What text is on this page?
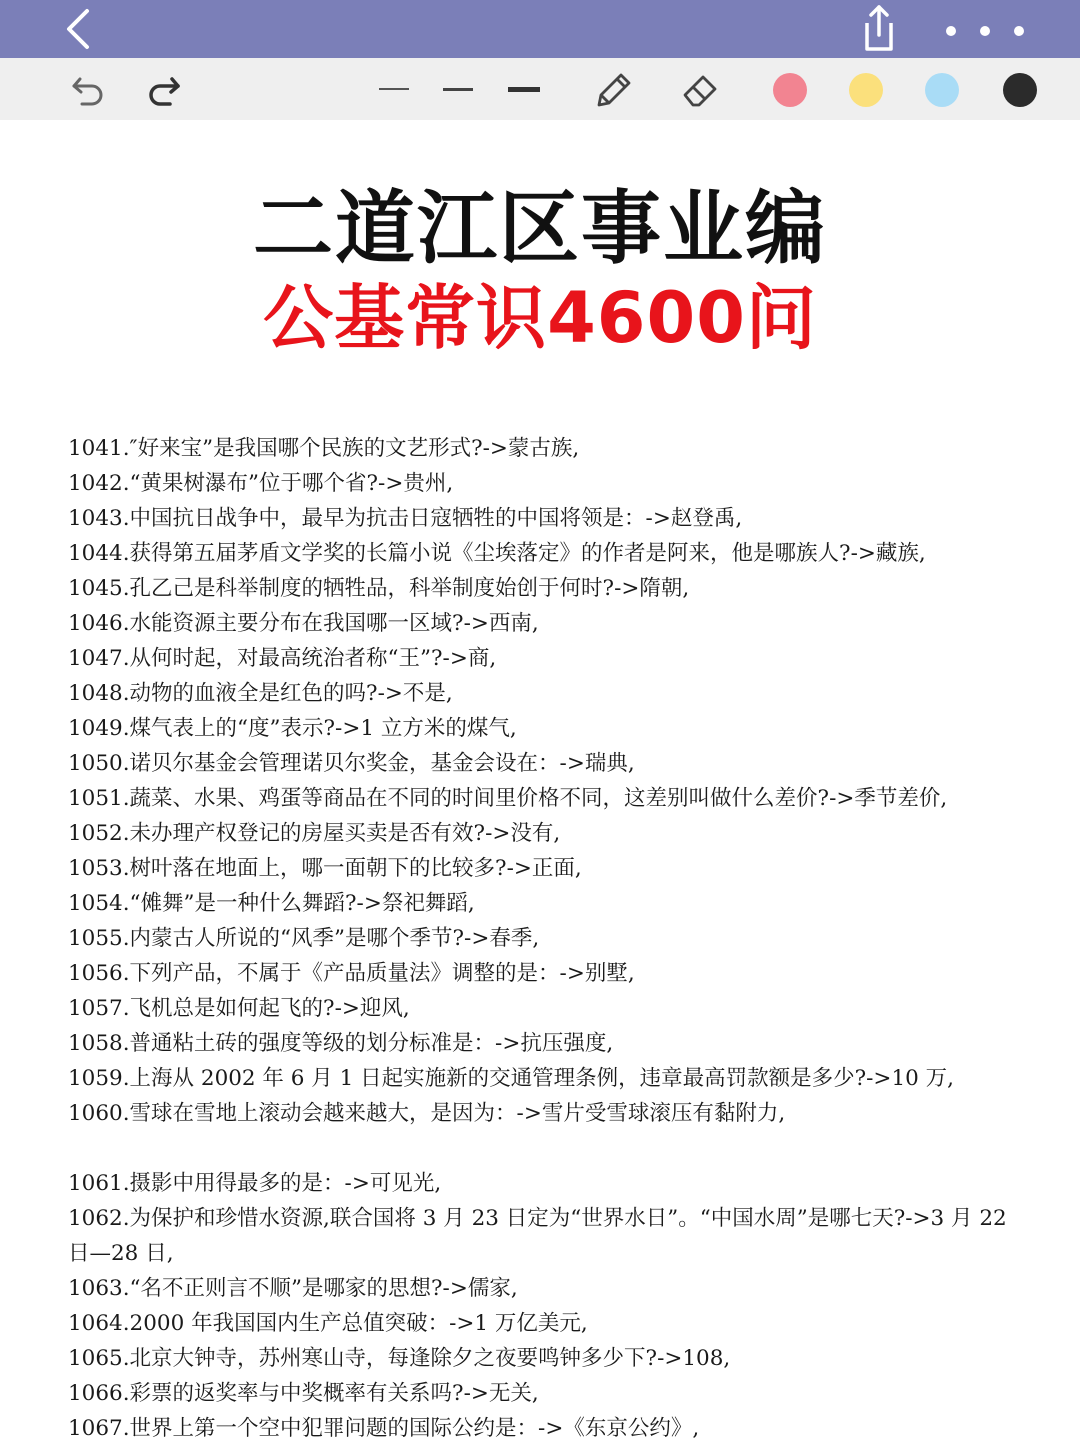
二道江区事业编
公基常识4600问
1041.″好来宝”是我国哪个民族的文艺形式?->蒙古族,
1042.“黄果树瀑布”位于哪个省?->贵州,
1043.中国抗日战争中，最早为抗击日寇牺牲的中国将领是：->赵登禹,
1044.获得第五届茅盾文学奖的长篇小说《尘埃落定》的作者是阿来，他是哪族人?->藏族,
1045.孔乙己是科举制度的牺牲品，科举制度始创于何时?->隋朝,
1046.水能资源主要分布在我国哪一区域?->西南,
1047.从何时起，对最高统治者称“王”?->商,
1048.动物的血液全是红色的吗?->不是,
1049.煤气表上的“度”表示?->1 立方米的煤气,
1050.诺贝尔基金会管理诺贝尔奖金，基金会设在：->瑞典,
1051.蔬菜、水果、鸡蛋等商品在不同的时间里价格不同，这差别叫做什么差价?->季节差价,
1052.未办理产权登记的房屋买卖是否有效?->没有,
1053.树叶落在地面上，哪一面朝下的比较多?->正面,
1054.“傩舞”是一种什么舞蹈?->祭祀舞蹈,
1055.内蒙古人所说的“风季”是哪个季节?->春季,
1056.下列产品，不属于《产品质量法》调整的是：->别墅,
1057.飞机总是如何起飞的?->迎风,
1058.普通粘土砖的强度等级的划分标准是：->抗压强度,
1059.上海从 2002 年 6 月 1 日起实施新的交通管理条例，违章最高罚款额是多少?->10 万,
1060.雪球在雪地上滚动会越来越大，是因为：->雪片受雪球滚压有黏附力,
1061.摄影中用得最多的是：->可见光,
1062.为保护和珍惜水资源,联合国将 3 月 23 日定为“世界水日”。“中国水周”是哪七天?->3 月 22 日—28 日,
1063.“名不正则言不顺”是哪家的思想?->儒家,
1064.2000 年我国国内生产总值突破：->1 万亿美元,
1065.北京大钟寺，苏州寒山寺，每逢除夕之夜要鸣钟多少下?->108,
1066.彩票的返奖率与中奖概率有关系吗?->无关,
1067.世界上第一个空中犯罪问题的国际公约是：->《东京公约》,
